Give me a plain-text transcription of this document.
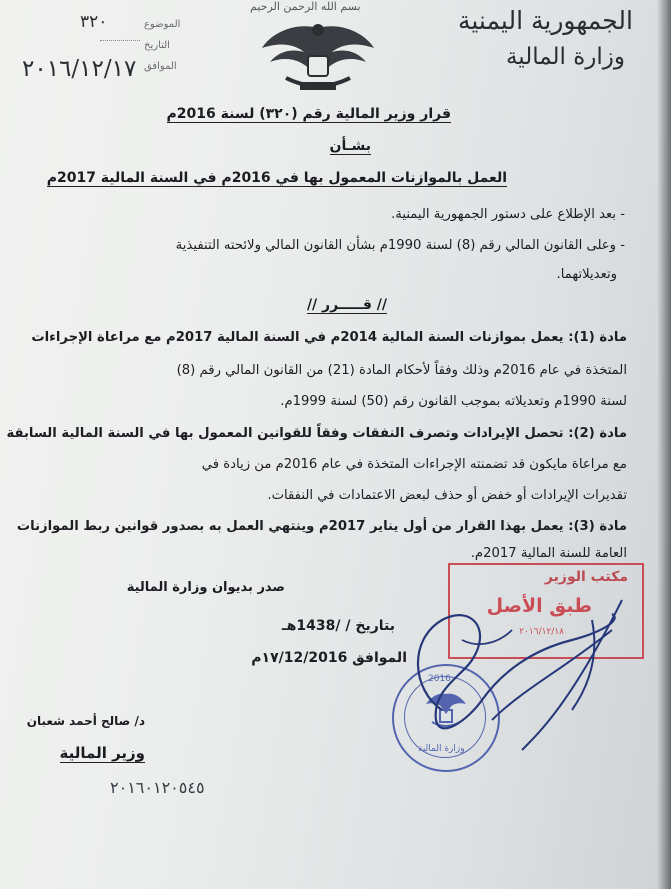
الجمهورية اليمنية
وزارة المالية
بسم الله الرحمن الرحيم
الموضوع
التاريخ
الموافق
٣٢٠
٢٠١٦/١٢/١٧
قرار وزير المالية رقم (٣٢٠) لسنة 2016م
بشـأن
العمل بالموازنات المعمول بها في 2016م في السنة المالية 2017م
- بعد الإطلاع على دستور الجمهورية اليمنية.
- وعلى القانون المالي رقم (8) لسنة 1990م بشأن القانون المالي ولائحته التنفيذية
وتعديلاتهما.
// قـــــرر //
مادة (1): يعمل بموازنات السنة المالية 2014م في السنة المالية 2017م مع مراعاة الإجراءات
المتخذة في عام 2016م وذلك وفقاً لأحكام المادة (21) من القانون المالي رقم (8)
لسنة 1990م وتعديلاته بموجب القانون رقم (50) لسنة 1999م.
مادة (2): تحصل الإيرادات وتصرف النفقات وفقاً للقوانين المعمول بها في السنة المالية السابقة
مع مراعاة مايكون قد تضمنته الإجراءات المتخذة في عام 2016م من زيادة في
تقديرات الإيرادات أو خفض أو حذف لبعض الاعتمادات في النفقات.
مادة (3): يعمل بهذا القرار من أول يناير 2017م وينتهي العمل به بصدور قوانين ربط الموازنات
العامة للسنة المالية 2017م.
صدر بديوان وزارة المالية
بتاريخ / /1438هـ
الموافق ١٧/12/2016م
مكتب الوزير
طبق الأصل
٢٠١٦/١٢/١٨
2016
وزارة المالية
د/ صالح أحمد شعبان
وزير المالية
٢٠١٦٠١٢٠٥٤٥
